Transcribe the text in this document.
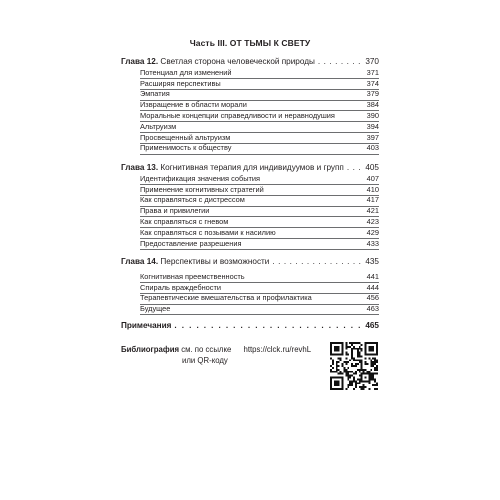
Часть III. ОТ ТЬМЫ К СВЕТУ
Глава 12. Светлая сторона человеческой природы . . .	370
Потенциал для изменений	371
Расширяя перспективы	374
Эмпатия	379
Извращение в области морали	384
Моральные концепции справедливости и неравнодушия	390
Альтруизм	394
Просвещенный альтруизм	397
Применимость к обществу	403
Глава 13. Когнитивная терапия для индивидуумов и групп . . .	405
Идентификация значения события	407
Применение когнитивных стратегий	410
Как справляться с дистрессом	417
Права и привилегии	421
Как справляться с гневом	423
Как справляться с позывами к насилию	429
Предоставление разрешения	433
Глава 14. Перспективы и возможности . . .	435
Когнитивная преемственность	441
Спираль враждебности	444
Терапевтические вмешательства и профилактика	456
Будущее	463
Примечания . . .	465
Библиография см. по ссылке https://clck.ru/revhL
или QR-коду
